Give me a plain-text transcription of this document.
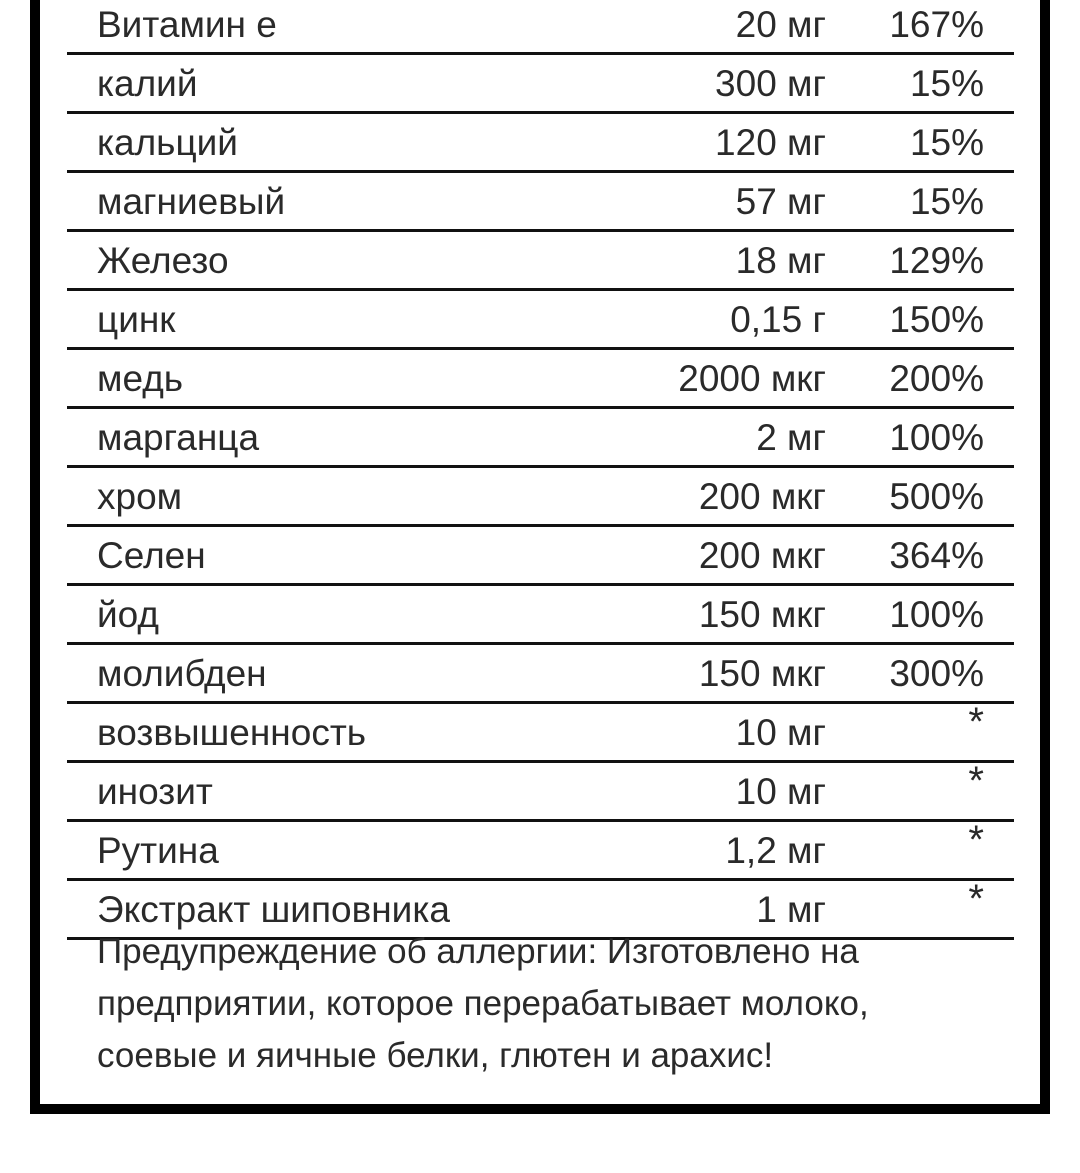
Витамин е	20 мг 167%
калий	300 мг 15%
кальций	120 мг 15%
магниевый	57 мг 15%
Железо	18 мг 129%
цинк	0,15 г 150%
медь	2000 мкг 200%
марганца	2 мг 100%
хром	200 мкг 500%
Селен	200 мкг 364%
йод	150 мкг 100%
молибден	150 мкг 300%
возвышенность	10 мг	*
инозит	10 мг	*
Рутина	1,2 мг	*
Экстракт шиповника	1 мг	*
Предупреждение об аллергии: Изготовлено на предприятии, которое перерабатывает молоко, соевые и яичные белки, глютен и арахис!
